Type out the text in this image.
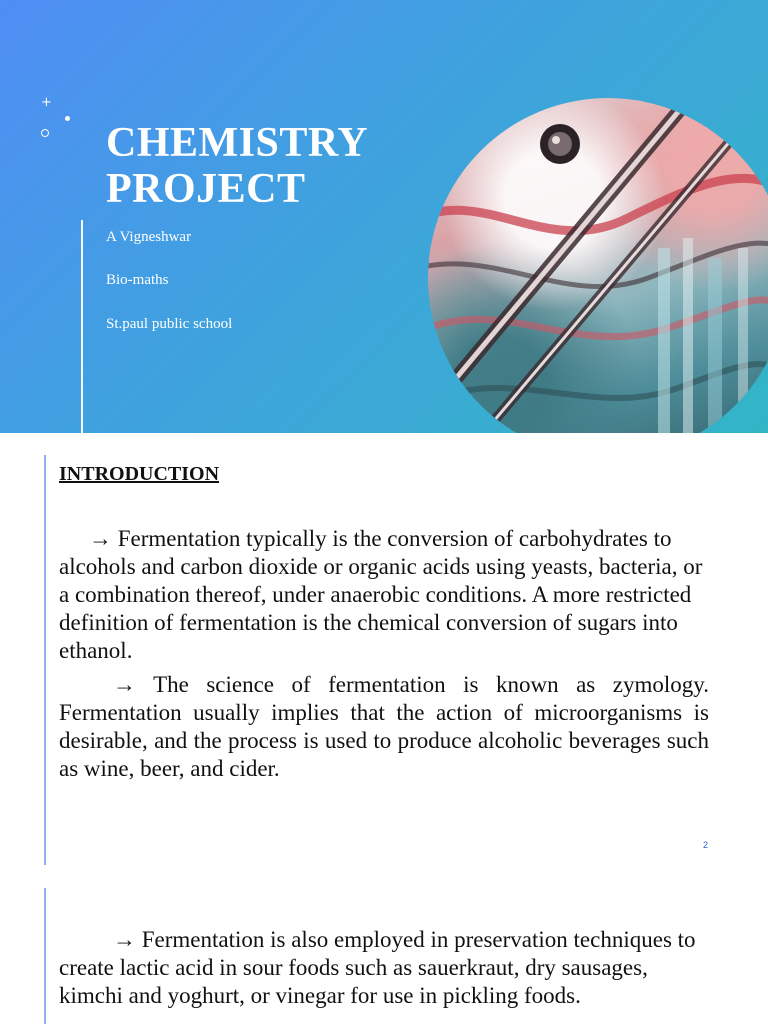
+
CHEMISTRY
PROJECT
A Vigneshwar
Bio-maths
St.paul public school
INTRODUCTION

→ Fermentation typically is the conversion of carbohydrates to alcohols and carbon dioxide or organic acids using yeasts, bacteria, or a combination thereof, under anaerobic conditions. A more restricted definition of fermentation is the chemical conversion of sugars into ethanol.

→ The science of fermentation is known as zymology. Fermentation usually implies that the action of microorganisms is desirable, and the process is used to produce alcoholic beverages such as wine, beer, and cider.

2

→ Fermentation is also employed in preservation techniques to create lactic acid in sour foods such as sauerkraut, dry sausages, kimchi and yoghurt, or vinegar for use in pickling foods.
